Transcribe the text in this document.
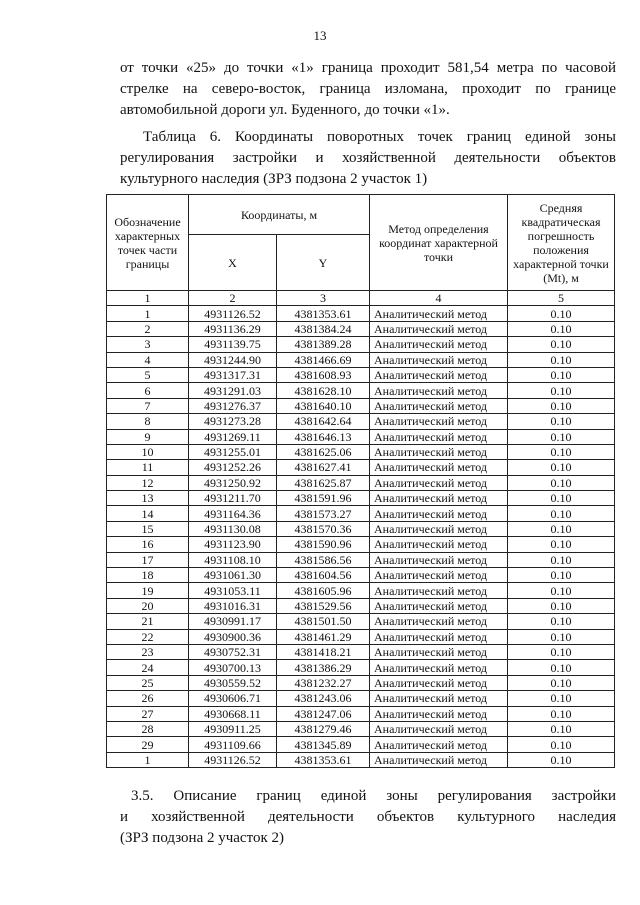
13
от точки «25» до точки «1» граница проходит 581,54 метра по часовой
стрелке на северо-восток, граница изломана, проходит по границе
автомобильной дороги ул. Буденного, до точки «1».
Таблица 6. Координаты поворотных точек границ единой зоны
регулирования застройки и хозяйственной деятельности объектов
культурного наследия (ЗРЗ подзона 2 участок 1)
Обозначение характерных точек части границы	Координаты, м		Метод определения координат характерной точки	Средняя квадратическая погрешность положения характерной точки (Mt), м
	X	Y		
1	2	3	4	5
1	4931126.52	4381353.61	Аналитический метод	0.10
2	4931136.29	4381384.24	Аналитический метод	0.10
3	4931139.75	4381389.28	Аналитический метод	0.10
4	4931244.90	4381466.69	Аналитический метод	0.10
5	4931317.31	4381608.93	Аналитический метод	0.10
6	4931291.03	4381628.10	Аналитический метод	0.10
7	4931276.37	4381640.10	Аналитический метод	0.10
8	4931273.28	4381642.64	Аналитический метод	0.10
9	4931269.11	4381646.13	Аналитический метод	0.10
10	4931255.01	4381625.06	Аналитический метод	0.10
11	4931252.26	4381627.41	Аналитический метод	0.10
12	4931250.92	4381625.87	Аналитический метод	0.10
13	4931211.70	4381591.96	Аналитический метод	0.10
14	4931164.36	4381573.27	Аналитический метод	0.10
15	4931130.08	4381570.36	Аналитический метод	0.10
16	4931123.90	4381590.96	Аналитический метод	0.10
17	4931108.10	4381586.56	Аналитический метод	0.10
18	4931061.30	4381604.56	Аналитический метод	0.10
19	4931053.11	4381605.96	Аналитический метод	0.10
20	4931016.31	4381529.56	Аналитический метод	0.10
21	4930991.17	4381501.50	Аналитический метод	0.10
22	4930900.36	4381461.29	Аналитический метод	0.10
23	4930752.31	4381418.21	Аналитический метод	0.10
24	4930700.13	4381386.29	Аналитический метод	0.10
25	4930559.52	4381232.27	Аналитический метод	0.10
26	4930606.71	4381243.06	Аналитический метод	0.10
27	4930668.11	4381247.06	Аналитический метод	0.10
28	4930911.25	4381279.46	Аналитический метод	0.10
29	4931109.66	4381345.89	Аналитический метод	0.10
1	4931126.52	4381353.61	Аналитический метод	0.10
3.5. Описание границ единой зоны регулирования застройки
и хозяйственной деятельности объектов культурного наследия
(ЗРЗ подзона 2 участок 2)
